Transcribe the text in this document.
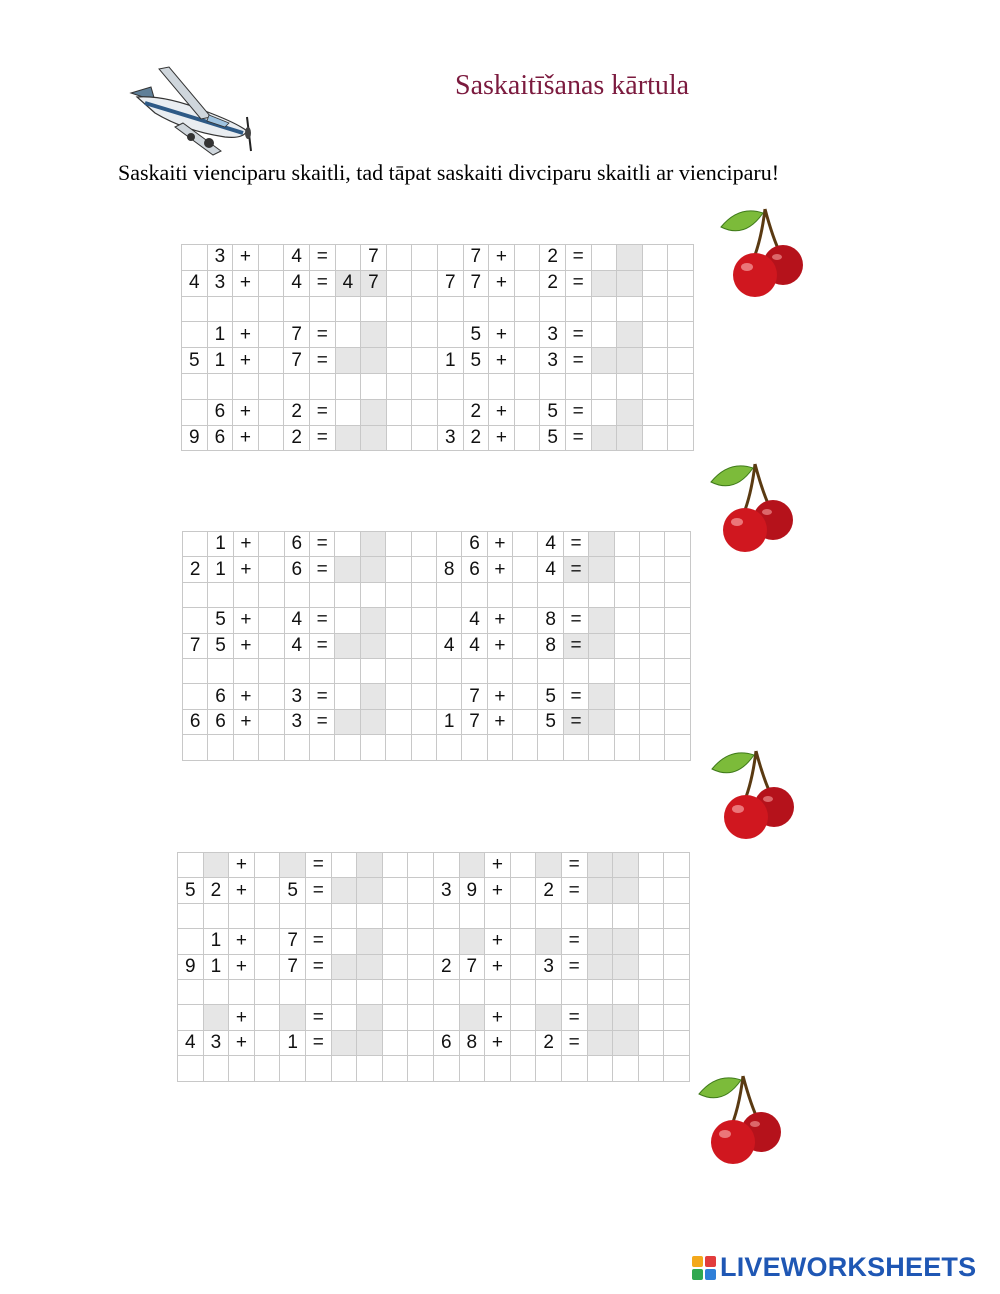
Saskaitīšanas kārtula
Saskaiti vienciparu skaitli, tad tāpat saskaiti divciparu skaitli ar vienciparu!
3 +	4 =	7	7 +	2 =
4 3 +	4 = 4 7	7 7 +	2 =
1 +	7 =	5 +	3 =
5 1 +	7 =	1 5 +	3 =
6 +	2 =	2 +	5 =
9 6 +	2 =	3 2 +	5 =
1 +	6 =	6 +	4 =
2 1 +	6 =	8 6 +	4 =
5 +	4 =	4 +	8 =
7 5 +	4 =	4 4 +	8 =
6 +	3 =	7 +	5 =
6 6 +	3 =	1 7 +	5 =
+	=	+	=
5 2 +	5 =	3 9 +	2 =
1 +	7 =	+	=
9 1 +	7 =	2 7 +	3 =
+	=	+	=
4 3 +	1 =	6 8 +	2 =
LIVEWORKSHEETS
